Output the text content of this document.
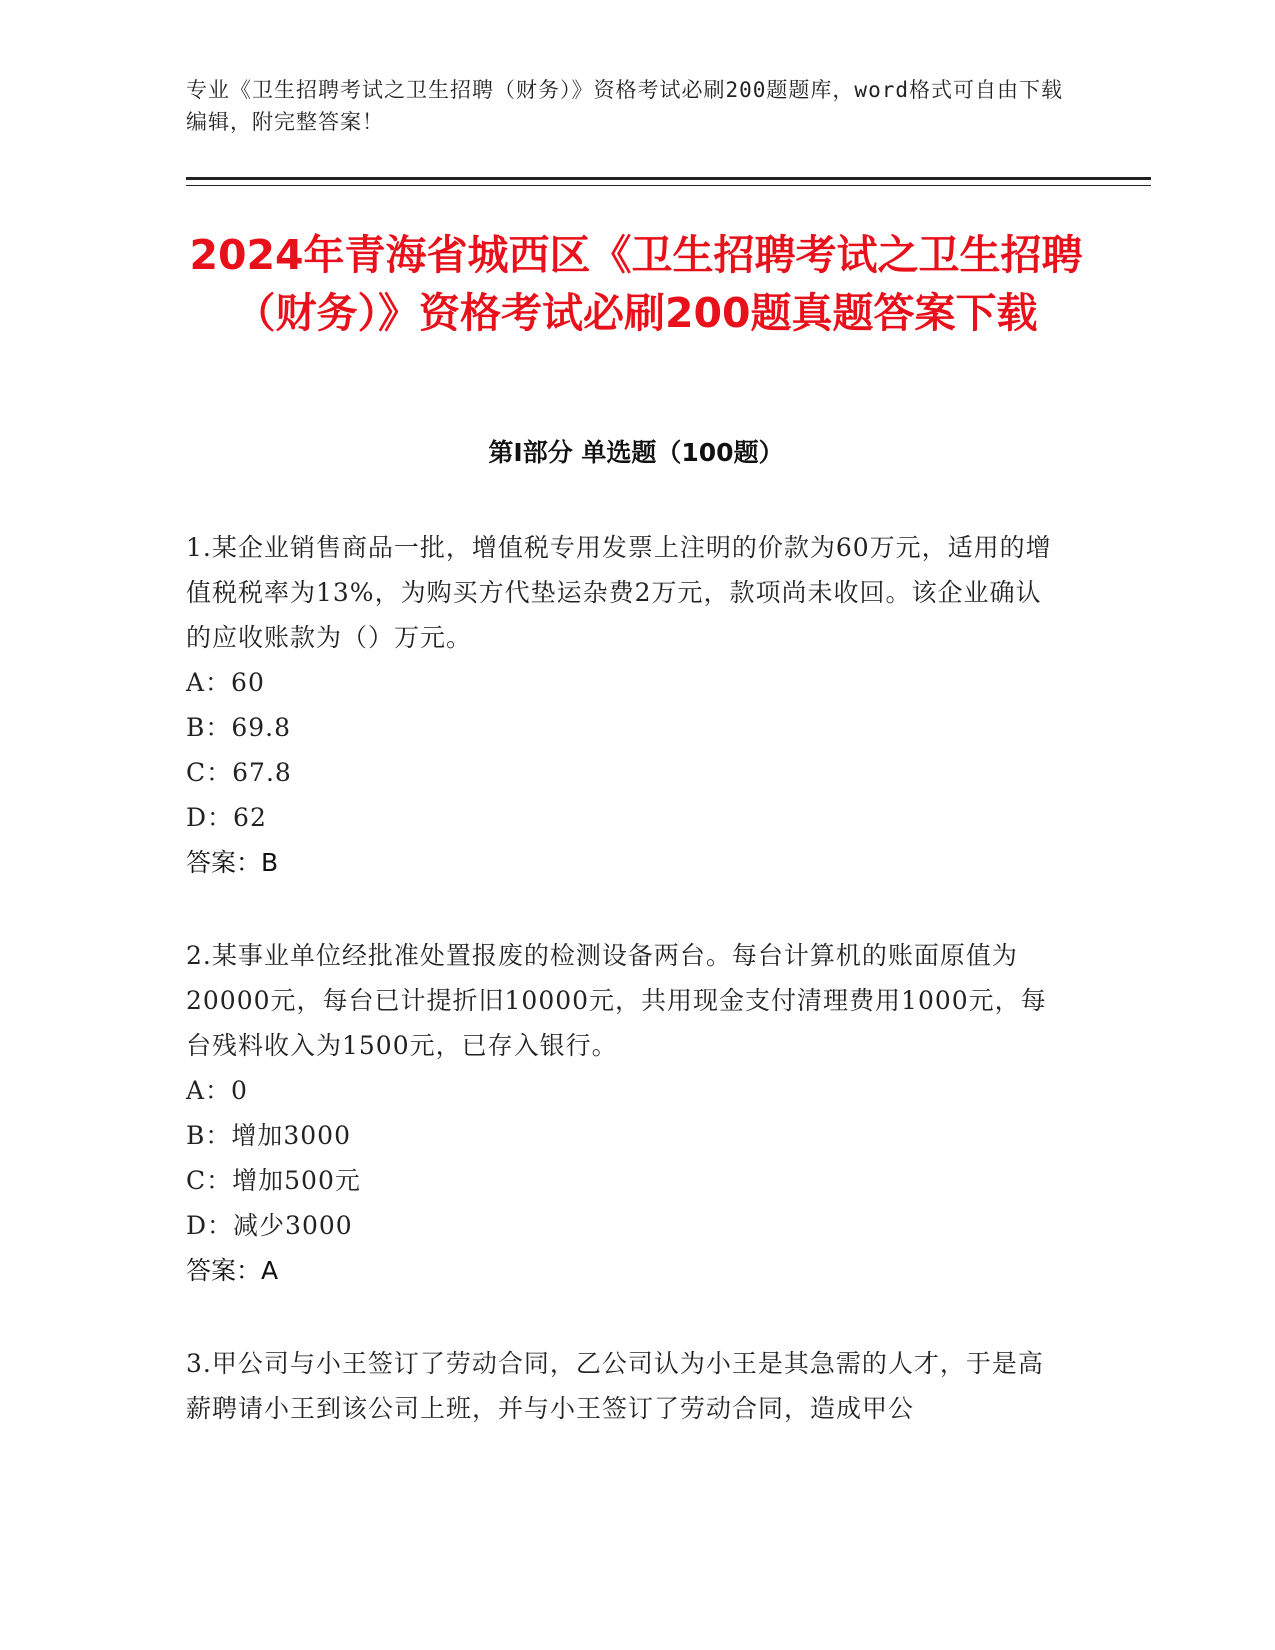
专业《卫生招聘考试之卫生招聘（财务）》资格考试必刷200题题库，word格式可自由下载编辑，附完整答案！
2024年青海省城西区《卫生招聘考试之卫生招聘（财务）》资格考试必刷200题真题答案下载
第I部分 单选题（100题）
1.某企业销售商品一批，增值税专用发票上注明的价款为60万元，适用的增值税税率为13%，为购买方代垫运杂费2万元，款项尚未收回。该企业确认的应收账款为（）万元。
A：60
B：69.8
C：67.8
D：62
答案：B
2.某事业单位经批准处置报废的检测设备两台。每台计算机的账面原值为20000元，每台已计提折旧10000元，共用现金支付清理费用1000元，每台残料收入为1500元，已存入银行。
A：0
B：增加3000
C：增加500元
D：减少3000
答案：A
3.甲公司与小王签订了劳动合同，乙公司认为小王是其急需的人才，于是高薪聘请小王到该公司上班，并与小王签订了劳动合同，造成甲公
